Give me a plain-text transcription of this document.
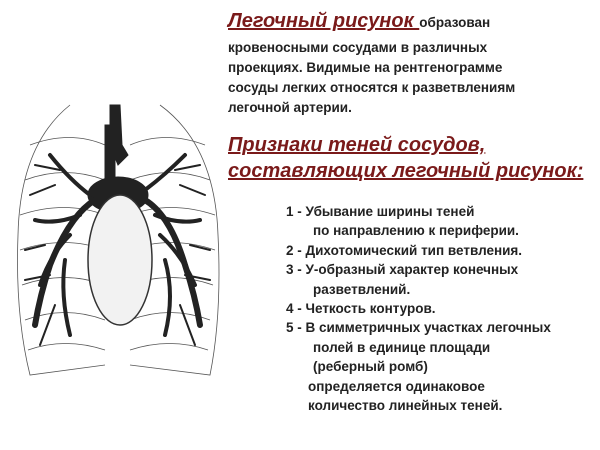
Легочный рисунок образован
кровеносными сосудами в различных
проекциях. Видимые на рентгенограмме
сосуды легких относятся к разветвлениям
легочной артерии.
Признаки теней сосудов,
составляющих легочный рисунок:
1 - Убывание ширины теней
по направлению к периферии.
2 - Дихотомический тип ветвления.
3 - У-образный характер конечных
разветвлений.
4 - Четкость контуров.
5 - В симметричных участках легочных
полей в единице площади
(реберный ромб)
определяется одинаковое
количество линейных теней.
